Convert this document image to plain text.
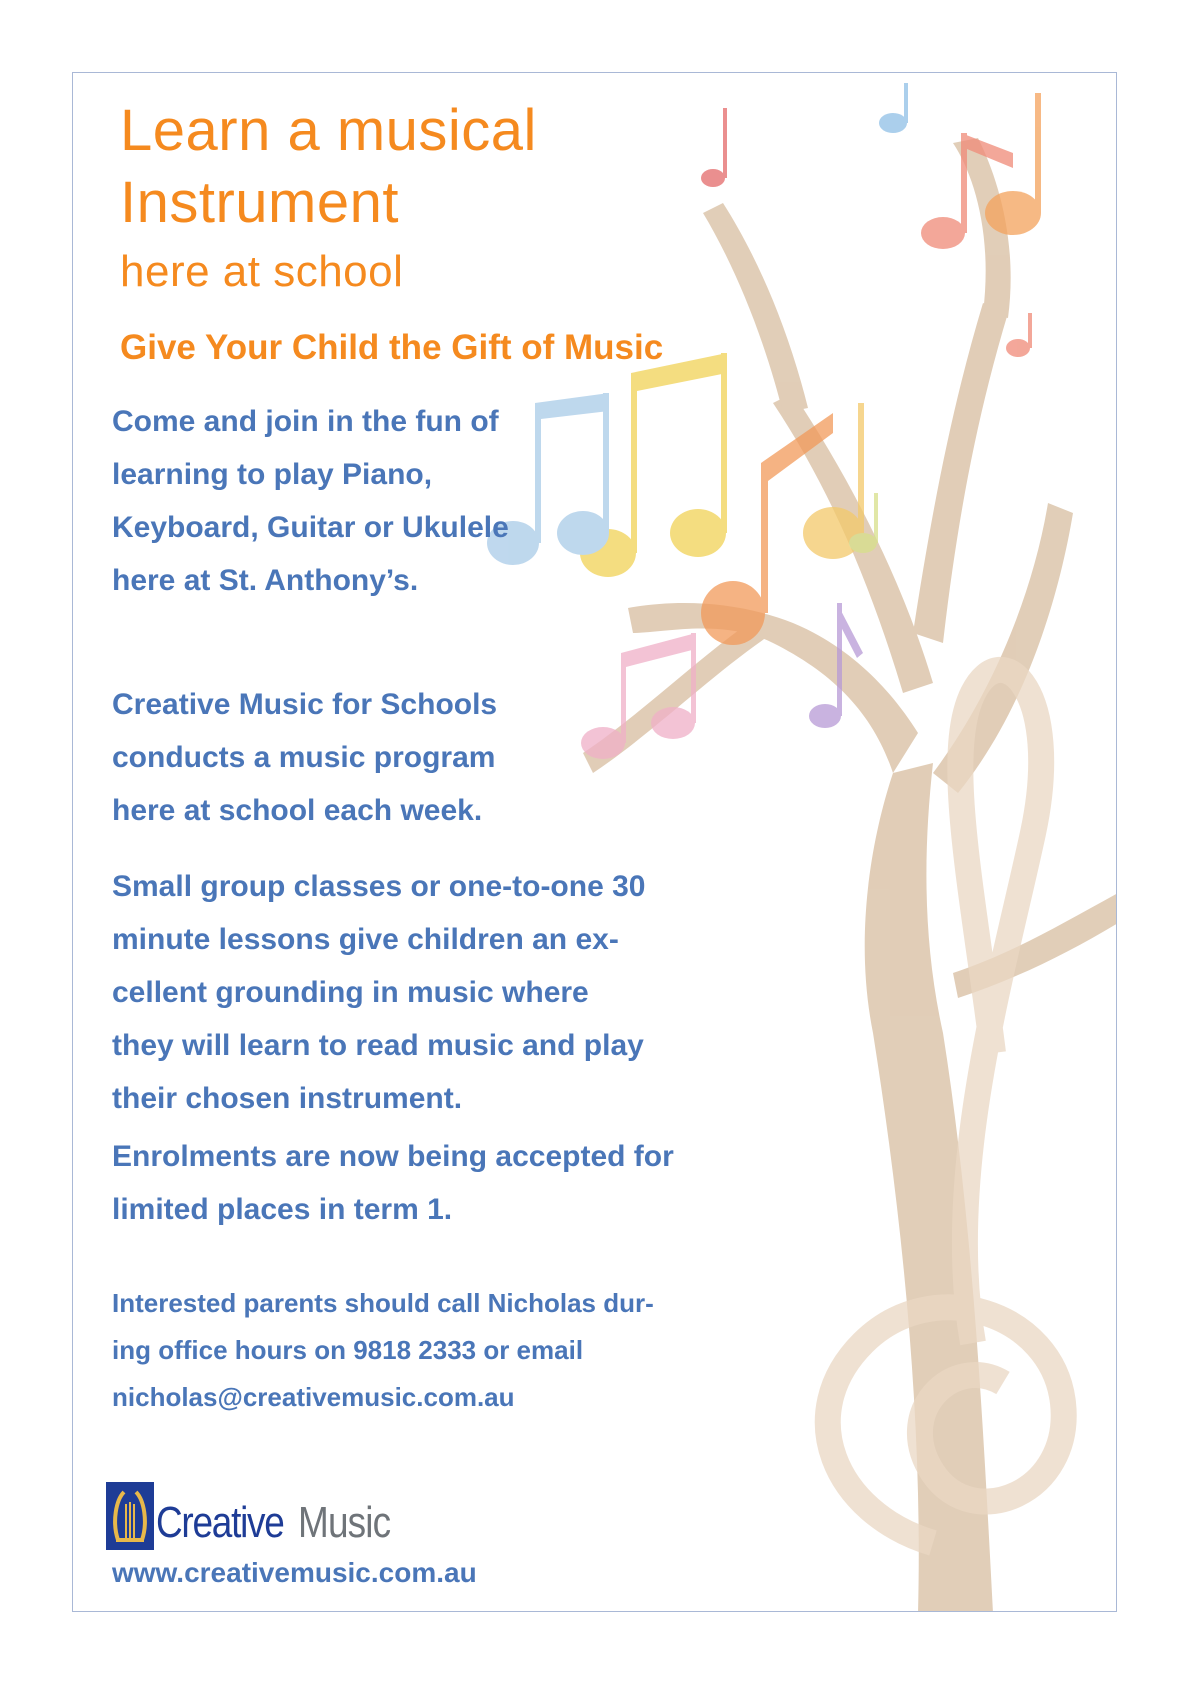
Learn a musical
Instrument
here at school
Give Your Child the Gift of Music
Come and join in the fun of
learning to play Piano,
Keyboard, Guitar or Ukulele
here at St. Anthony’s.
Creative Music for Schools
conducts a music program
here at school each week.
Small group classes or one-to-one 30
minute lessons give children an ex-
cellent grounding in music where
they will learn to read music and play
their chosen instrument.
Enrolments are now being accepted for
limited places in term 1.
Interested parents should call Nicholas dur-
ing office hours on 9818 2333 or email
nicholas@creativemusic.com.au
Creative Music
www.creativemusic.com.au
